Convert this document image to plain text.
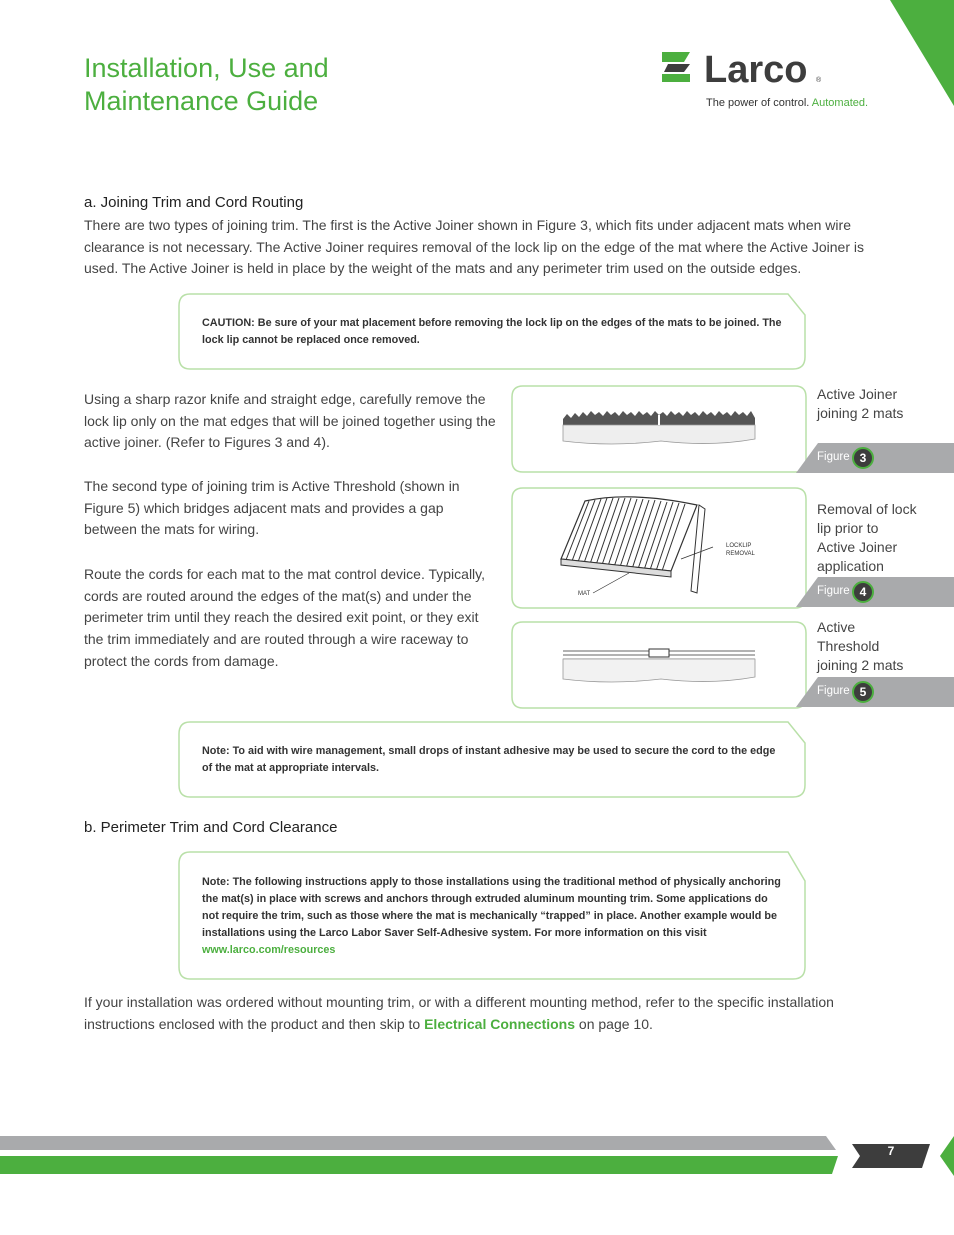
Installation, Use and
Maintenance Guide
Larco ®
The power of control. Automated.
a. Joining Trim and Cord Routing

There are two types of joining trim. The first is the Active Joiner shown in Figure 3, which fits under adjacent mats when wire clearance is not necessary. The Active Joiner requires removal of the lock lip on the edge of the mat where the Active Joiner is used. The Active Joiner is held in place by the weight of the mats and any perimeter trim used on the outside edges.

CAUTION: Be sure of your mat placement before removing the lock lip on the edges of the mats to be joined. The lock lip cannot be replaced once removed.

Using a sharp razor knife and straight edge, carefully remove the lock lip only on the mat edges that will be joined together using the active joiner. (Refer to Figures 3 and 4).

The second type of joining trim is Active Threshold (shown in Figure 5) which bridges adjacent mats and provides a gap between the mats for wiring.

Route the cords for each mat to the mat control device. Typically, cords are routed around the edges of the mat(s) and under the perimeter trim until they reach the desired exit point, or they exit the trim immediately and are routed through a wire raceway to protect the cords from damage.

Active Joiner joining 2 mats
Figure 3
LOCKLIP
REMOVAL
MAT
Removal of lock lip prior to Active Joiner application
Figure 4
Active Threshold joining 2 mats
Figure 5
Note: To aid with wire management, small drops of instant adhesive may be used to secure the cord to the edge of the mat at appropriate intervals.
b. Perimeter Trim and Cord Clearance
Note: The following instructions apply to those installations using the traditional method of physically anchoring the mat(s) in place with screws and anchors through extruded aluminum mounting trim. Some applications do not require the trim, such as those where the mat is mechanically “trapped” in place. Another example would be installations using the Larco Labor Saver Self-Adhesive system. For more information on this visit www.larco.com/resources

If your installation was ordered without mounting trim, or with a different mounting method, refer to the specific installation instructions enclosed with the product and then skip to Electrical Connections on page 10.

7
